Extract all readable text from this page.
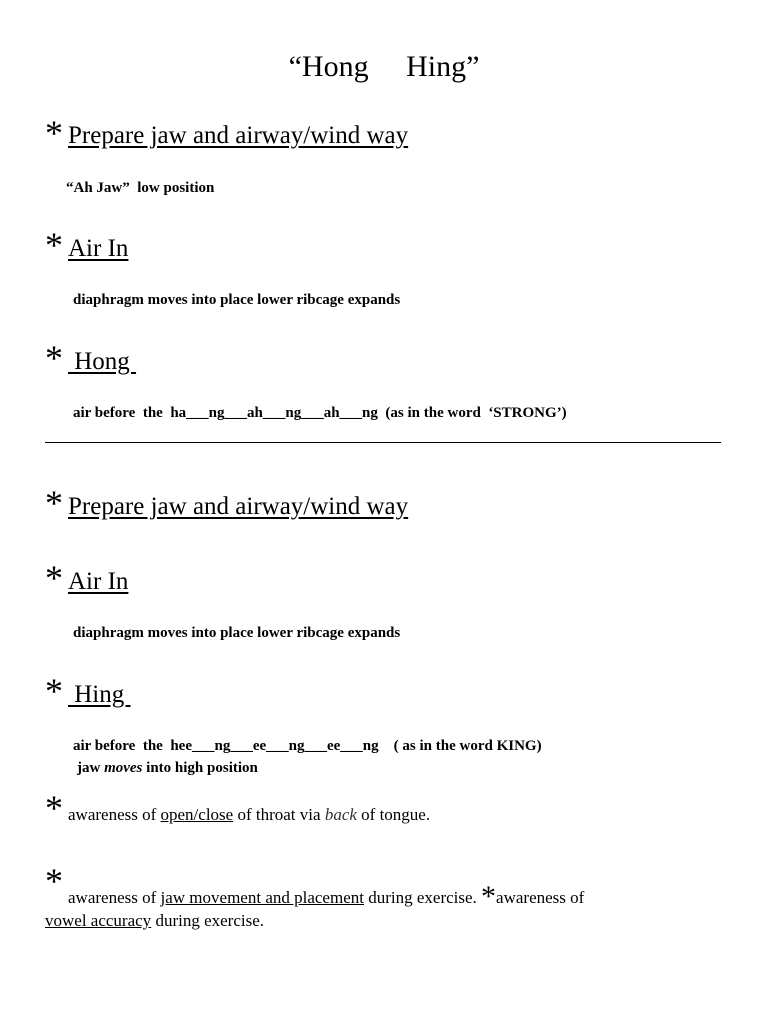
“Hong     Hing”
* Prepare jaw and airway/wind way
“Ah Jaw”  low position
* Air In
diaphragm moves into place lower ribcage expands
* Hong
air before  the  ha___ng___ah___ng___ah___ng  (as in the word  ‘STRONG’)
* Prepare jaw and airway/wind way
* Air In
diaphragm moves into place lower ribcage expands
* Hing
air before  the  hee___ng___ee___ng___ee___ng    ( as in the word KING)
jaw moves into high position
* awareness of open/close of throat via back of tongue.
* awareness of jaw movement and placement during exercise. *awareness of
vowel accuracy during exercise.
